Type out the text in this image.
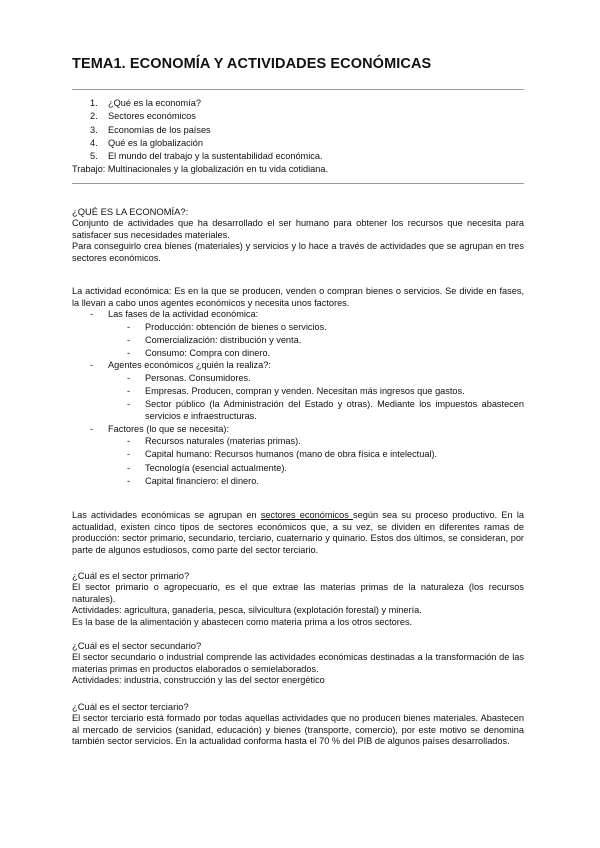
TEMA1. ECONOMÍA Y ACTIVIDADES ECONÓMICAS
1. ¿Qué es la economía?
2. Sectores económicos
3. Economías de los países
4. Qué es la globalización
5. El mundo del trabajo y la sustentabilidad económica.
Trabajo: Multinacionales y la globalización en tu vida cotidiana.

¿QUÉ ES LA ECONOMÍA?:

Conjunto de actividades que ha desarrollado el ser humano para obtener los recursos que necesita para satisfacer sus necesidades materiales.

Para conseguirlo crea bienes (materiales) y servicios y lo hace a través de actividades que se agrupan en tres sectores económicos.

La actividad económica: Es en la que se producen, venden o compran bienes o servicios. Se divide en fases, la llevan a cabo unos agentes económicos y necesita unos factores.

- Las fases de la actividad económica:
- Producción: obtención de bienes o servicios.
- Comercialización: distribución y venta.
- Consumo: Compra con dinero.
- Agentes económicos ¿quién la realiza?:
- Personas. Consumidores.
- Empresas. Producen, compran y venden. Necesitan más ingresos que gastos.
- Sector público (la Administración del Estado y otras). Mediante los impuestos abastecen servicios e infraestructuras.
- Factores (lo que se necesita):
- Recursos naturales (materias primas).
- Capital humano: Recursos humanos (mano de obra física e intelectual).
- Tecnología (esencial actualmente).
- Capital financiero: el dinero.

Las actividades económicas se agrupan en sectores económicos según sea su proceso productivo. En la actualidad, existen cinco tipos de sectores económicos que, a su vez, se dividen en diferentes ramas de producción: sector primario, secundario, terciario, cuaternario y quinario. Estos dos últimos, se consideran, por parte de algunos estudiosos, como parte del sector terciario.

¿Cuál es el sector primario?

El sector primario o agropecuario, es el que extrae las materias primas de la naturaleza (los recursos naturales).

Actividades: agricultura, ganadería, pesca, silvicultura (explotación forestal) y minería.

Es la base de la alimentación y abastecen como materia prima a los otros sectores.

¿Cuál es el sector secundario?

El sector secundario o industrial comprende las actividades económicas destinadas a la transformación de las materias primas en productos elaborados o semielaborados.

Actividades: industria, construcción y las del sector energético

¿Cuál es el sector terciario?

El sector terciario está formado por todas aquellas actividades que no producen bienes materiales. Abastecen al mercado de servicios (sanidad, educación) y bienes (transporte, comercio), por este motivo se denomina también sector servicios. En la actualidad conforma hasta el 70 % del PIB de algunos países desarrollados.
